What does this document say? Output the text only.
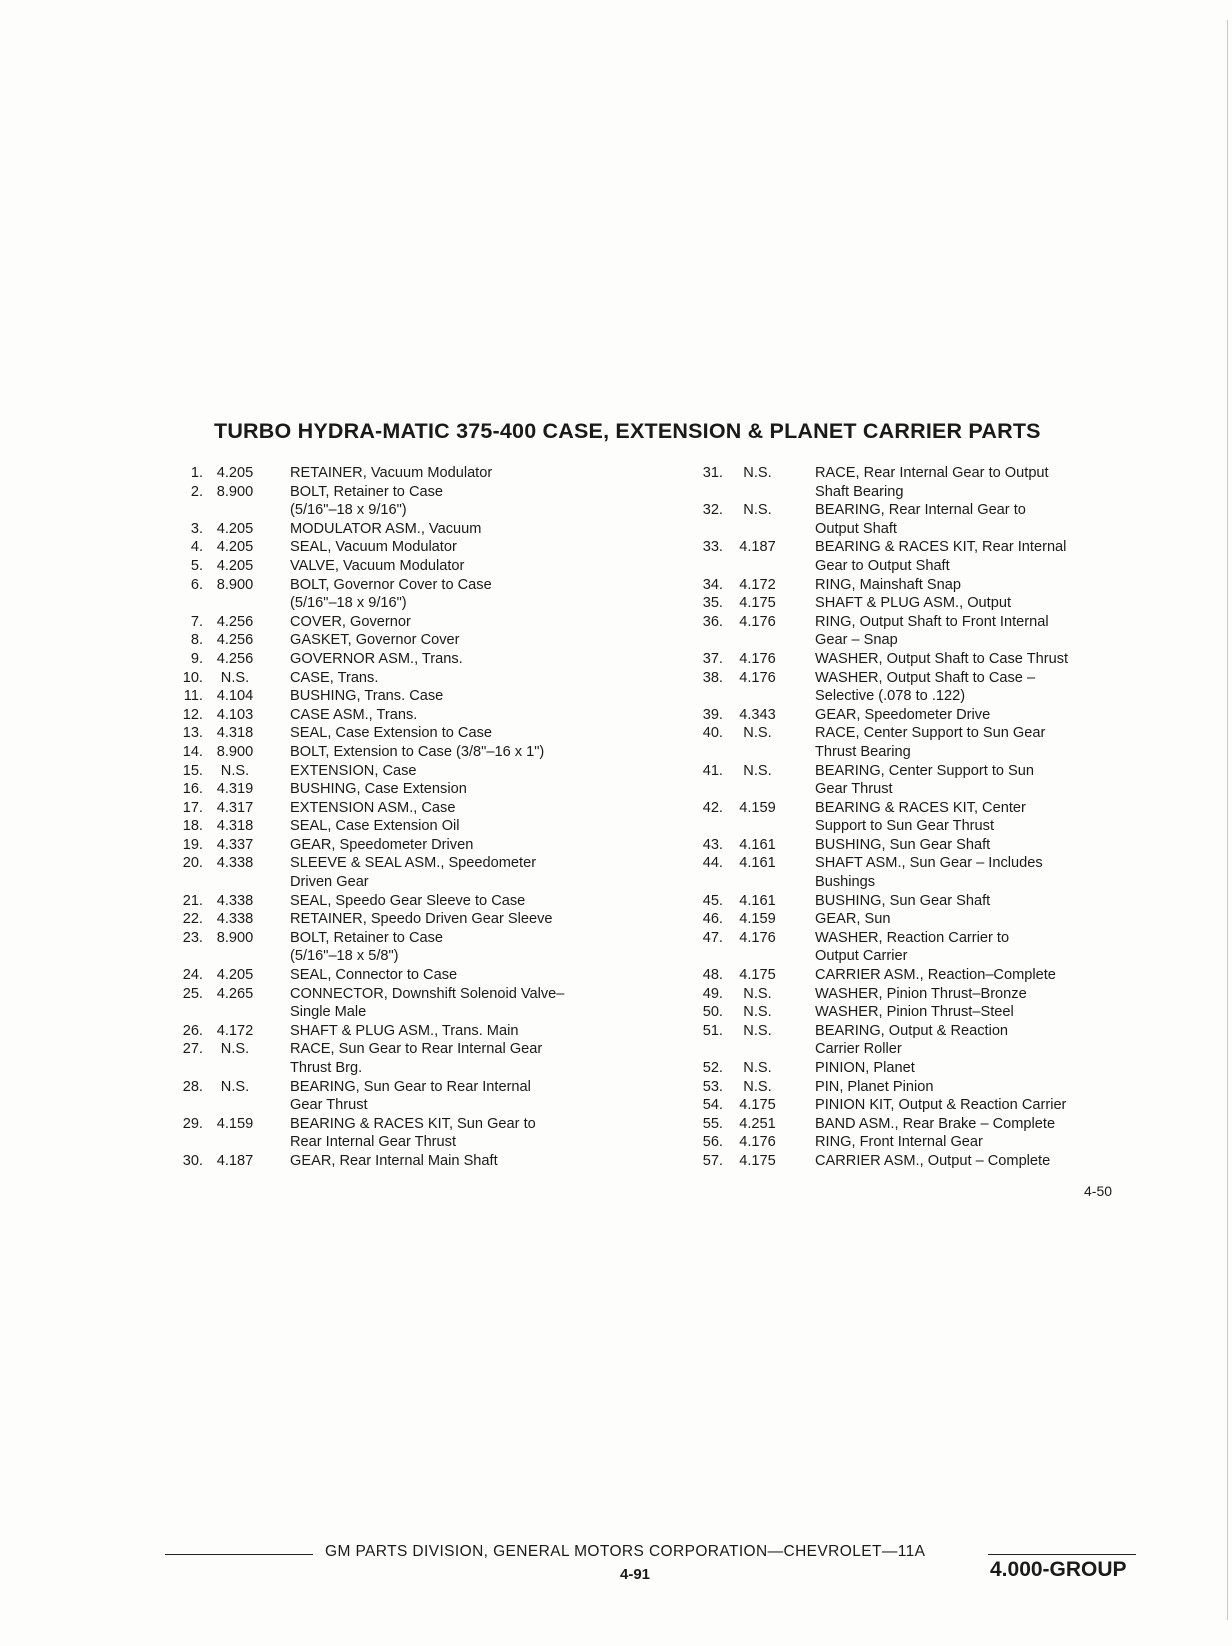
TURBO HYDRA-MATIC 375-400 CASE, EXTENSION & PLANET CARRIER PARTS
1. 4.205	RETAINER, Vacuum Modulator
2. 8.900	BOLT, Retainer to Case
(5/16"–18 x 9/16")
3. 4.205	MODULATOR ASM., Vacuum
4. 4.205	SEAL, Vacuum Modulator
5. 4.205	VALVE, Vacuum Modulator
6. 8.900	BOLT, Governor Cover to Case
(5/16"–18 x 9/16")
7. 4.256	COVER, Governor
8. 4.256	GASKET, Governor Cover
9. 4.256	GOVERNOR ASM., Trans.
10.	N.S.	CASE, Trans.
11. 4.104	BUSHING, Trans. Case
12. 4.103	CASE ASM., Trans.
13. 4.318	SEAL, Case Extension to Case
14. 8.900	BOLT, Extension to Case (3/8"–16 x 1")
15.	N.S.	EXTENSION, Case
16. 4.319	BUSHING, Case Extension
17. 4.317	EXTENSION ASM., Case
18. 4.318	SEAL, Case Extension Oil
19. 4.337	GEAR, Speedometer Driven
20. 4.338	SLEEVE & SEAL ASM., Speedometer
Driven Gear
21. 4.338	SEAL, Speedo Gear Sleeve to Case
22. 4.338	RETAINER, Speedo Driven Gear Sleeve
23. 8.900	BOLT, Retainer to Case
(5/16"–18 x 5/8")
24. 4.205	SEAL, Connector to Case
25. 4.265	CONNECTOR, Downshift Solenoid Valve–
Single Male
26. 4.172	SHAFT & PLUG ASM., Trans. Main
27.	N.S.	RACE, Sun Gear to Rear Internal Gear
Thrust Brg.
28.	N.S.	BEARING, Sun Gear to Rear Internal
Gear Thrust
29. 4.159	BEARING & RACES KIT, Sun Gear to
Rear Internal Gear Thrust
30. 4.187	GEAR, Rear Internal Main Shaft
31.	N.S.	RACE, Rear Internal Gear to Output
Shaft Bearing
32.	N.S.	BEARING, Rear Internal Gear to
Output Shaft
33.	4.187	BEARING & RACES KIT, Rear Internal
Gear to Output Shaft
34.	4.172	RING, Mainshaft Snap
35.	4.175	SHAFT & PLUG ASM., Output
36.	4.176	RING, Output Shaft to Front Internal
Gear – Snap
37.	4.176	WASHER, Output Shaft to Case Thrust
38.	4.176	WASHER, Output Shaft to Case –
Selective (.078 to .122)
39.	4.343	GEAR, Speedometer Drive
40.	N.S.	RACE, Center Support to Sun Gear
Thrust Bearing
41.	N.S.	BEARING, Center Support to Sun
Gear Thrust
42.	4.159	BEARING & RACES KIT, Center
Support to Sun Gear Thrust
43.	4.161	BUSHING, Sun Gear Shaft
44.	4.161	SHAFT ASM., Sun Gear – Includes
Bushings
45.	4.161	BUSHING, Sun Gear Shaft
46.	4.159	GEAR, Sun
47.	4.176	WASHER, Reaction Carrier to
Output Carrier
48.	4.175	CARRIER ASM., Reaction–Complete
49.	N.S.	WASHER, Pinion Thrust–Bronze
50.	N.S.	WASHER, Pinion Thrust–Steel
51.	N.S.	BEARING, Output & Reaction
Carrier Roller
52.	N.S.	PINION, Planet
53.	N.S.	PIN, Planet Pinion
54.	4.175	PINION KIT, Output & Reaction Carrier
55.	4.251	BAND ASM., Rear Brake – Complete
56.	4.176	RING, Front Internal Gear
57.	4.175	CARRIER ASM., Output – Complete
4-50
GM PARTS DIVISION, GENERAL MOTORS CORPORATION—CHEVROLET—11A
4-91	4.000-GROUP
